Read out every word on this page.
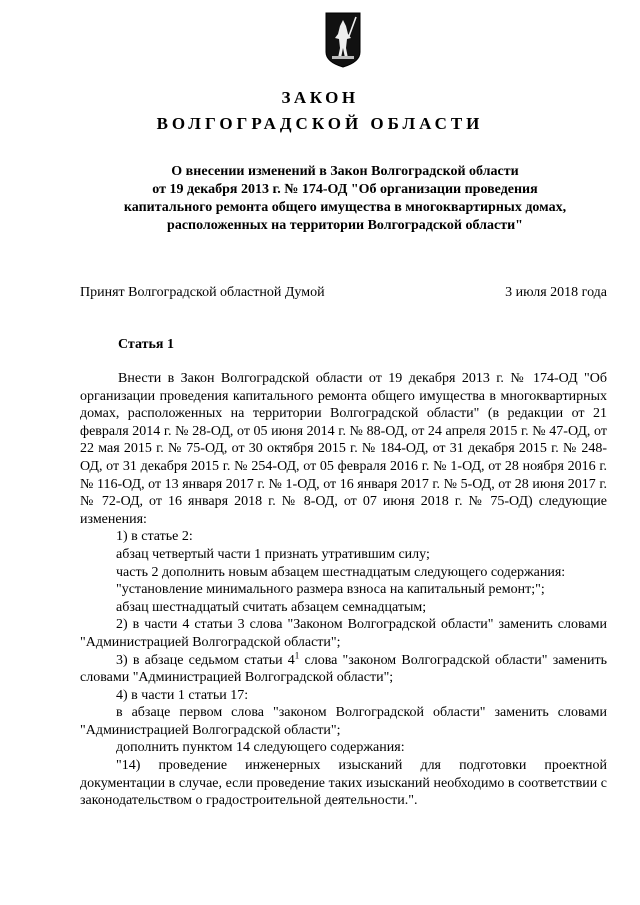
ЗАКОН
ВОЛГОГРАДСКОЙ ОБЛАСТИ
О внесении изменений в Закон Волгоградской области
от 19 декабря 2013 г. № 174-ОД "Об организации проведения
капитального ремонта общего имущества в многоквартирных домах,
расположенных на территории Волгоградской области"
Принят Волгоградской областной Думой	3 июля 2018 года
Статья 1

Внести в Закон Волгоградской области от 19 декабря 2013 г. № 174-ОД "Об организации проведения капитального ремонта общего имущества в многоквартирных домах, расположенных на территории Волгоградской области" (в редакции от 21 февраля 2014 г. № 28-ОД, от 05 июня 2014 г. № 88-ОД, от 24 апреля 2015 г. № 47-ОД, от 22 мая 2015 г. № 75-ОД, от 30 октября 2015 г. № 184-ОД, от 31 декабря 2015 г. № 248-ОД, от 31 декабря 2015 г. № 254-ОД, от 05 февраля 2016 г. № 1-ОД, от 28 ноября 2016 г. № 116-ОД, от 13 января 2017 г. № 1-ОД, от 16 января 2017 г. № 5-ОД, от 28 июня 2017 г. № 72-ОД, от 16 января 2018 г. № 8-ОД, от 07 июня 2018 г. № 75-ОД) следующие изменения:

1) в статье 2:

абзац четвертый части 1 признать утратившим силу;

часть 2 дополнить новым абзацем шестнадцатым следующего содержания:

"установление минимального размера взноса на капитальный ремонт;";

абзац шестнадцатый считать абзацем семнадцатым;

2) в части 4 статьи 3 слова "Законом Волгоградской области" заменить словами "Администрацией Волгоградской области";

3) в абзаце седьмом статьи $4^1$ слова "законом Волгоградской области" заменить словами "Администрацией Волгоградской области";

4) в части 1 статьи 17:

в абзаце первом слова "законом Волгоградской области" заменить словами "Администрацией Волгоградской области";

дополнить пунктом 14 следующего содержания:

"14) проведение инженерных изысканий для подготовки проектной документации в случае, если проведение таких изысканий необходимо в соответствии с законодательством о градостроительной деятельности.".
